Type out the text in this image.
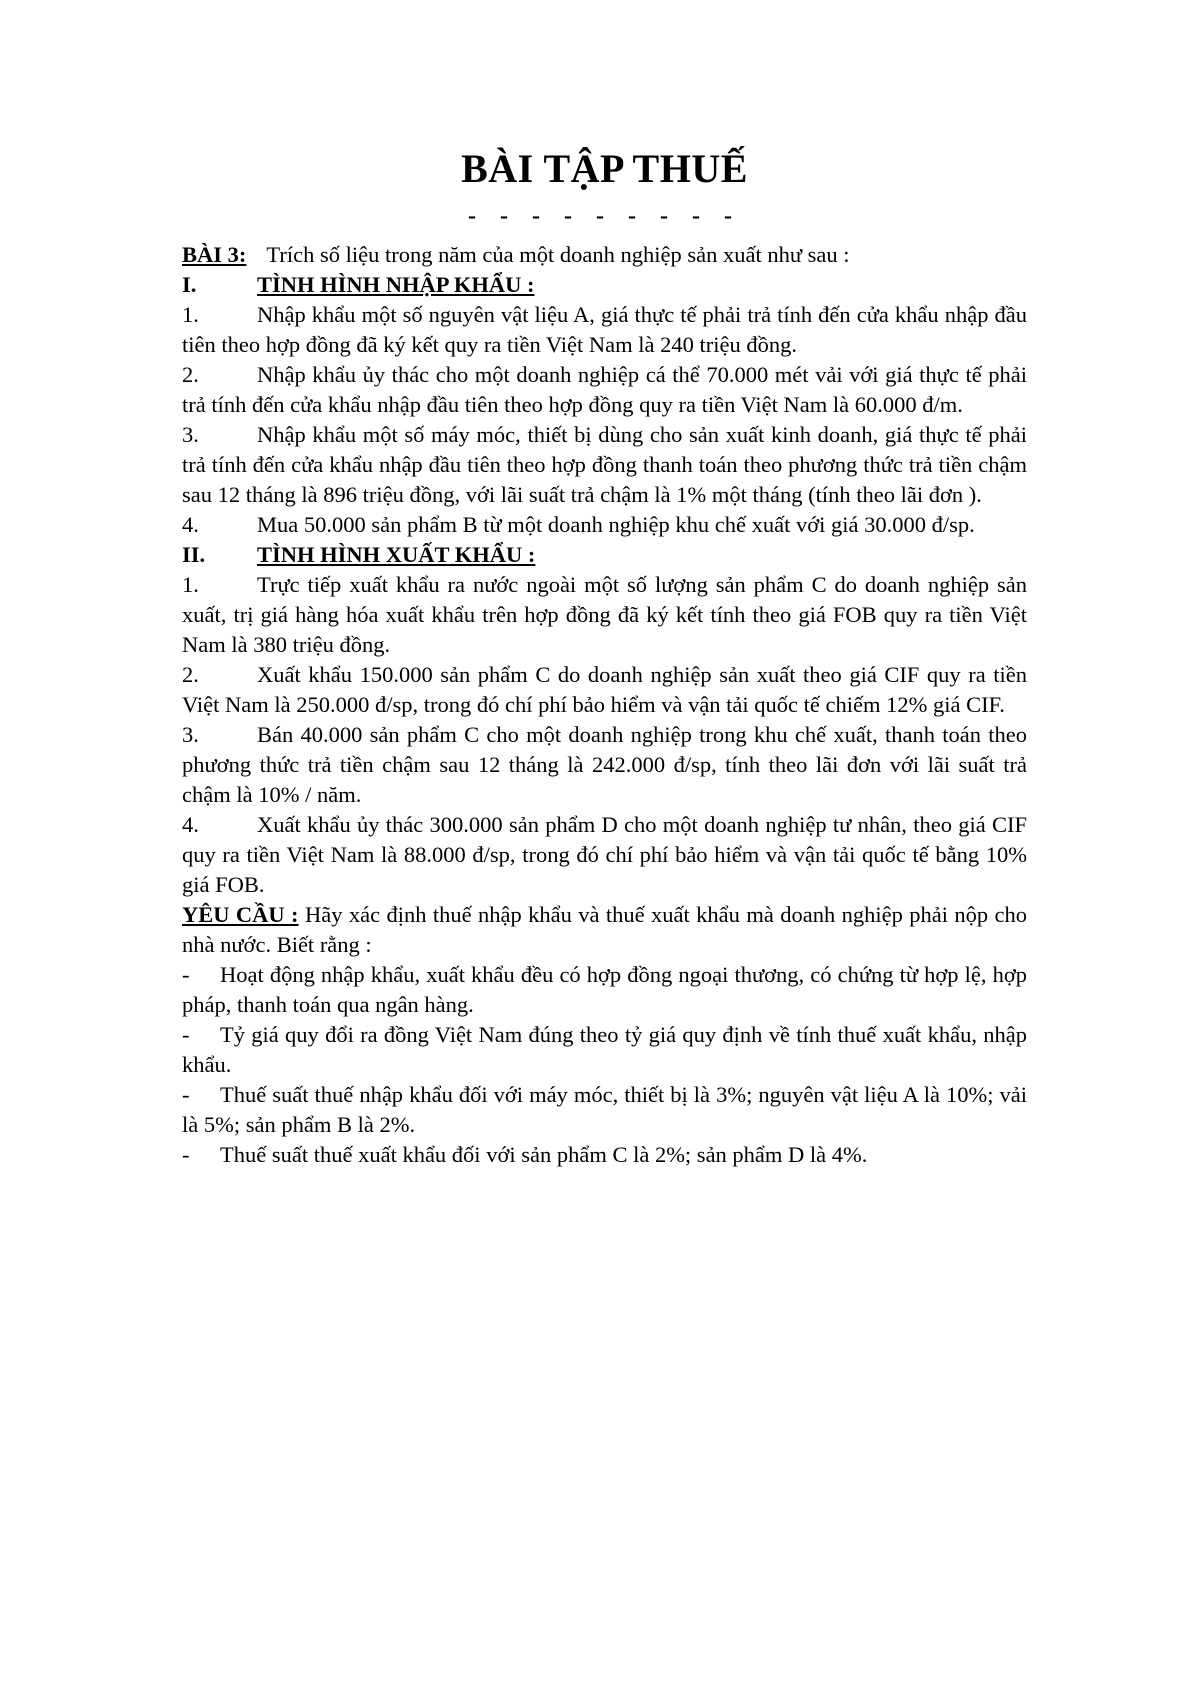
BÀI TẬP THUẾ
- - - - - - - - -
BÀI 3: Trích số liệu trong năm của một doanh nghiệp sản xuất như sau :
I.	TÌNH HÌNH NHẬP KHẨU :
1.	Nhập khẩu một số nguyên vật liệu A, giá thực tế phải trả tính đến cửa khẩu nhập đầu tiên theo hợp đồng đã ký kết quy ra tiền Việt Nam là 240 triệu đồng.
2.	Nhập khẩu ủy thác cho một doanh nghiệp cá thể 70.000 mét vải với giá thực tế phải trả tính đến cửa khẩu nhập đầu tiên theo hợp đồng quy ra tiền Việt Nam là 60.000 đ/m.
3.	Nhập khẩu một số máy móc, thiết bị dùng cho sản xuất kinh doanh, giá thực tế phải trả tính đến cửa khẩu nhập đầu tiên theo hợp đồng thanh toán theo phương thức trả tiền chậm sau 12 tháng là 896 triệu đồng, với lãi suất trả chậm là 1% một tháng (tính theo lãi đơn ).
4.	Mua 50.000 sản phẩm B từ một doanh nghiệp khu chế xuất với giá 30.000 đ/sp.
II.	TÌNH HÌNH XUẤT KHẨU :
1.	Trực tiếp xuất khẩu ra nước ngoài một số lượng sản phẩm C do doanh nghiệp sản xuất, trị giá hàng hóa xuất khẩu trên hợp đồng đã ký kết tính theo giá FOB quy ra tiền Việt Nam là 380 triệu đồng.
2.	Xuất khẩu 150.000 sản phẩm C do doanh nghiệp sản xuất theo giá CIF quy ra tiền Việt Nam là 250.000 đ/sp, trong đó chí phí bảo hiểm và vận tải quốc tế chiếm 12% giá CIF.
3.	Bán 40.000 sản phẩm C cho một doanh nghiệp trong khu chế xuất, thanh toán theo phương thức trả tiền chậm sau 12 tháng là 242.000 đ/sp, tính theo lãi đơn với lãi suất trả chậm là 10% / năm.
4.	Xuất khẩu ủy thác 300.000 sản phẩm D cho một doanh nghiệp tư nhân, theo giá CIF quy ra tiền Việt Nam là 88.000 đ/sp, trong đó chí phí bảo hiểm và vận tải quốc tế bằng 10% giá FOB.
YÊU CẦU : Hãy xác định thuế nhập khẩu và thuế xuất khẩu mà doanh nghiệp phải nộp cho nhà nước. Biết rằng :
- Hoạt động nhập khẩu, xuất khẩu đều có hợp đồng ngoại thương, có chứng từ hợp lệ, hợp pháp, thanh toán qua ngân hàng.
- Tỷ giá quy đổi ra đồng Việt Nam đúng theo tỷ giá quy định về tính thuế xuất khẩu, nhập khẩu.
- Thuế suất thuế nhập khẩu đối với máy móc, thiết bị là 3%; nguyên vật liệu A là 10%; vải là 5%; sản phẩm B là 2%.
- Thuế suất thuế xuất khẩu đối với sản phẩm C là 2%; sản phẩm D là 4%.
